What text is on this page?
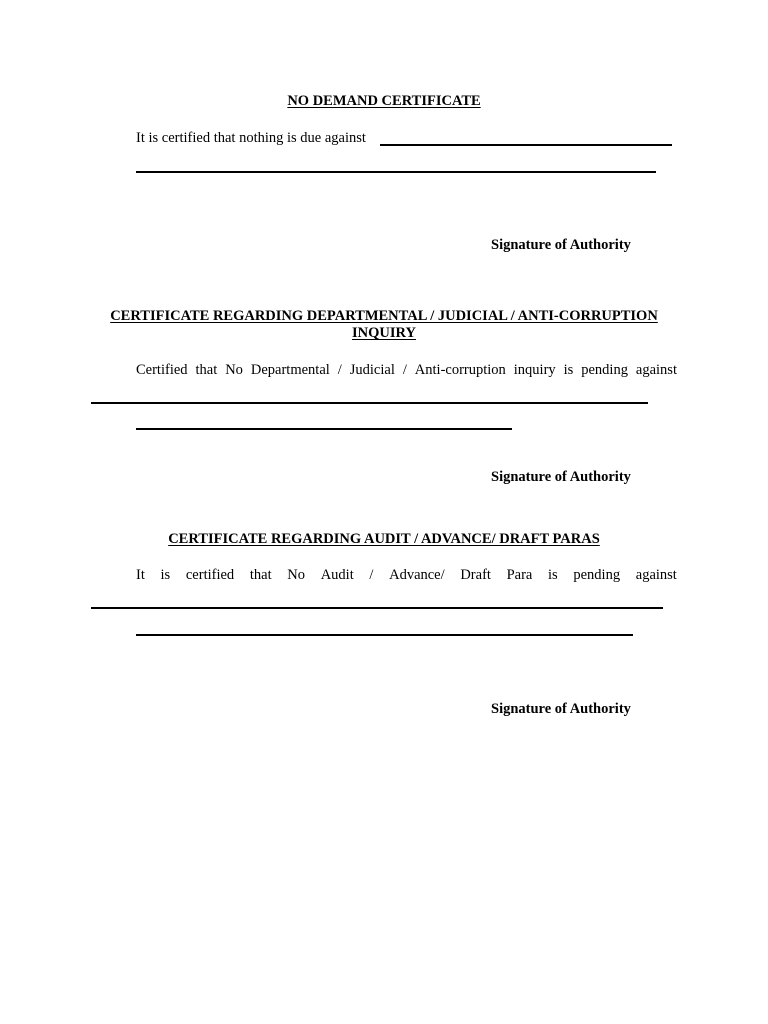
NO DEMAND CERTIFICATE
It is certified that nothing is due against
Signature of Authority
CERTIFICATE REGARDING DEPARTMENTAL / JUDICIAL / ANTI-CORRUPTION
INQUIRY
Certified that No Departmental / Judicial / Anti-corruption inquiry is pending against
Signature of Authority
CERTIFICATE REGARDING AUDIT / ADVANCE/ DRAFT PARAS
It is certified that No Audit / Advance/ Draft Para is pending against
Signature of Authority
